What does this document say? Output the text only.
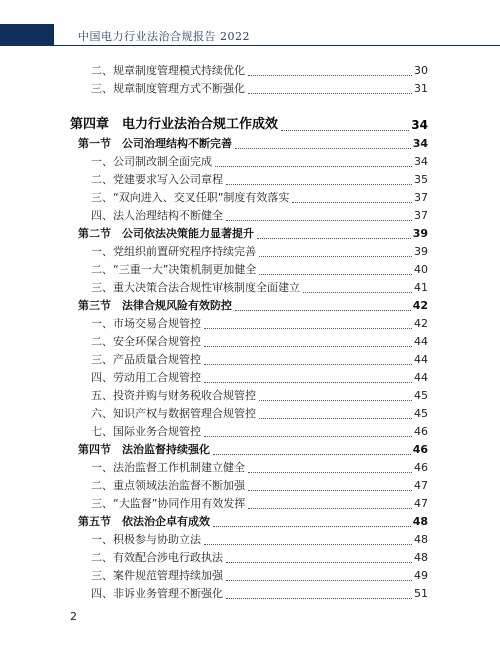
中国电力行业法治合规报告 2022
二、规章制度管理模式持续优化	30
三、规章制度管理方式不断强化	31
第四章　电力行业法治合规工作成效	34
第一节　公司治理结构不断完善	34
一、公司制改制全面完成	34
二、党建要求写入公司章程	35
三、“双向进入、交叉任职”制度有效落实	37
四、法人治理结构不断健全	37
第二节　公司依法决策能力显著提升	39
一、党组织前置研究程序持续完善	39
二、“三重一大”决策机制更加健全	40
三、重大决策合法合规性审核制度全面建立	41
第三节　法律合规风险有效防控	42
一、市场交易合规管控	42
二、安全环保合规管控	44
三、产品质量合规管控	44
四、劳动用工合规管控	44
五、投资并购与财务税收合规管控	45
六、知识产权与数据管理合规管控	45
七、国际业务合规管控	46
第四节　法治监督持续强化	46
一、法治监督工作机制建立健全	46
二、重点领域法治监督不断加强	47
三、“大监督”协同作用有效发挥	47
第五节　依法治企卓有成效	48
一、积极参与协助立法	48
二、有效配合涉电行政执法	48
三、案件规范管理持续加强	49
四、非诉业务管理不断强化	51
2
